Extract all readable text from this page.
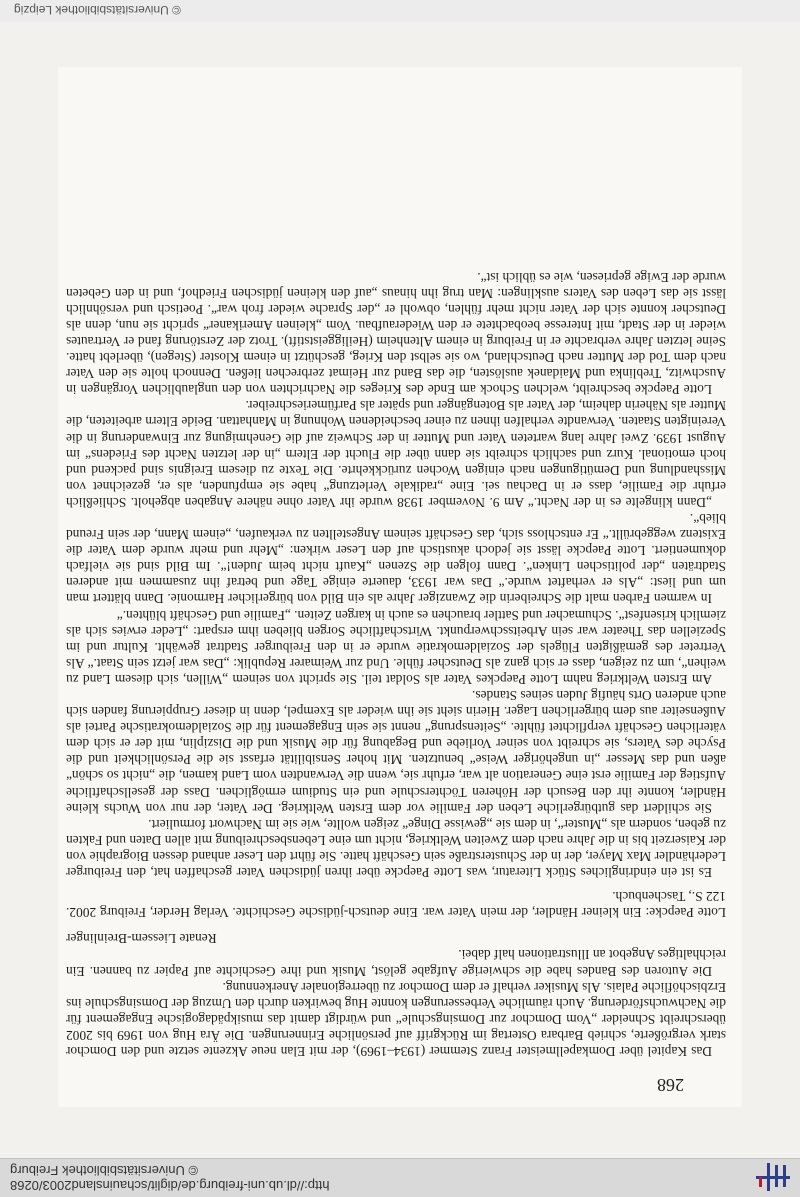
http://dl.ub.uni-freiburg.de/diglit/schauinsland2003/0268
© Universitätsbibliothek Freiburg
268

Das Kapitel über Domkapellmeister Franz Stemmer (1934–1969), der mit Elan neue Akzente setzte und den Domchor stark vergrößerte, schrieb Barbara Ostertag im Rückgriff auf persönliche Erinnerungen. Die Ära Hug von 1969 bis 2002 überschreibt Schneider „Vom Domchor zur Domsingschule“ und würdigt damit das musikpädagogische Engagement für die Nachwuchsförderung. Auch räumliche Verbesserungen konnte Hug bewirken durch den Umzug der Domsingschule ins Erzbischöfliche Palais. Als Musiker verhalf er dem Domchor zu überregionaler Anerkennung.

Die Autoren des Bandes habe die schwierige Aufgabe gelöst, Musik und ihre Geschichte auf Papier zu bannen. Ein reichhaltiges Angebot an Illustrationen half dabei.

Renate Liessem-Breinlinger

Lotte Paepcke: Ein kleiner Händler, der mein Vater war. Eine deutsch-jüdische Geschichte. Verlag Herder, Freiburg 2002. 122 S., Taschenbuch.

Es ist ein eindringliches Stück Literatur, was Lotte Paepcke über ihren jüdischen Vater geschaffen hat, den Freiburger Lederhändler Max Mayer, der in der Schusterstraße sein Geschäft hatte. Sie führt den Leser anhand dessen Biographie von der Kaiserzeit bis in die Jahre nach dem Zweiten Weltkrieg, nicht um eine Lebensbeschreibung mit allen Daten und Fakten zu geben, sondern als „Muster“, in dem sie „gewisse Dinge“ zeigen wollte, wie sie im Nachwort formuliert.

Sie schildert das gutbürgerliche Leben der Familie vor dem Ersten Weltkrieg. Der Vater, der nur von Wuchs kleine Händler, konnte ihr den Besuch der Höheren Töchterschule und ein Studium ermöglichen. Dass der gesellschaftliche Aufstieg der Familie erst eine Generation alt war, erfuhr sie, wenn die Verwandten vom Land kamen, die „nicht so schön“ aßen und das Messer „in ungehöriger Weise“ benutzten. Mit hoher Sensibilität erfasst sie die Persönlichkeit und die Psyche des Vaters, sie schreibt von seiner Vorliebe und Begabung für die Musik und die Disziplin, mit der er sich dem väterlichen Geschäft verpflichtet fühlte. „Seitensprung“ nennt sie sein Engagement für die Sozialdemokratische Partei als Außenseiter aus dem bürgerlichen Lager. Hierin sieht sie ihn wieder als Exempel, denn in dieser Gruppierung fanden sich auch anderen Orts häufig Juden seines Standes.

Am Ersten Weltkrieg nahm Lotte Paepckes Vater als Soldat teil. Sie spricht von seinem „Willen, sich diesem Land zu weihen“, um zu zeigen, dass er sich ganz als Deutscher fühle. Und zur Weimarer Republik: „Das war jetzt sein Staat.“ Als Vertreter des gemäßigten Flügels der Sozialdemokratie wurde er in den Freiburger Stadtrat gewählt. Kultur und im Speziellen das Theater war sein Arbeitsschwerpunkt. Wirtschaftliche Sorgen blieben ihm erspart: „Leder erwies sich als ziemlich krisenfest“. Schumacher und Sattler brauchen es auch in kargen Zeiten. „Familie und Geschäft blühten.“

In warmen Farben malt die Schreiberin die Zwanziger Jahre als ein Bild von bürgerlicher Harmonie. Dann blättert man um und liest: „Als er verhaftet wurde.“ Das war 1933, dauerte einige Tage und betraf ihn zusammen mit anderen Stadträten „der politischen Linken“. Dann folgen die Szenen „Kauft nicht beim Juden!“. Im Bild sind sie vielfach dokumentiert. Lotte Paepcke lässt sie jedoch akustisch auf den Leser wirken: „Mehr und mehr wurde dem Vater die Existenz weggebrüllt.“ Er entschloss sich, das Geschäft seinem Angestellten zu verkaufen, „einem Mann, der sein Freund blieb“.

„Dann klingelte es in der Nacht.“ Am 9. November 1938 wurde ihr Vater ohne nähere Angaben abgeholt. Schließlich erfuhr die Familie, dass er in Dachau sei. Eine „radikale Verletzung“ habe sie empfunden, als er, gezeichnet von Misshandlung und Demütigungen nach einigen Wochen zurückkehrte. Die Texte zu diesem Ereignis sind packend und hoch emotional. Kurz und sachlich schreibt sie dann über die Flucht der Eltern „in der letzten Nacht des Friedens“ im August 1939. Zwei Jahre lang warteten Vater und Mutter in der Schweiz auf die Genehmigung zur Einwanderung in die Vereinigten Staaten. Verwandte verhalfen ihnen zu einer bescheidenen Wohnung in Manhattan. Beide Eltern arbeiteten, die Mutter als Näherin daheim, der Vater als Botengänger und später als Parfümerieschreiber.

Lotte Paepcke beschreibt, welchen Schock am Ende des Krieges die Nachrichten von den unglaublichen Vorgängen in Auschwitz, Treblinka und Maidanek auslösten, die das Band zur Heimat zerbrechen ließen. Dennoch holte sie den Vater nach dem Tod der Mutter nach Deutschland, wo sie selbst den Krieg, geschützt in einem Kloster (Stegen), überlebt hatte. Seine letzten Jahre verbrachte er in Freiburg in einem Altenheim (Heiliggeiststift). Trotz der Zerstörung fand er Vertrautes wieder in der Stadt, mit Interesse beobachtete er den Wiederaufbau. Vom „kleinen Amerikaner“ spricht sie nun, denn als Deutscher konnte sich der Vater nicht mehr fühlen, obwohl er „der Sprache wieder froh war“. Poetisch und versöhnlich lässt sie das Leben des Vaters ausklingen: Man trug ihn hinaus „auf den kleinen jüdischen Friedhof, und in den Gebeten wurde der Ewige gepriesen, wie es üblich ist“.

© Universitätsbibliothek Leipzig
